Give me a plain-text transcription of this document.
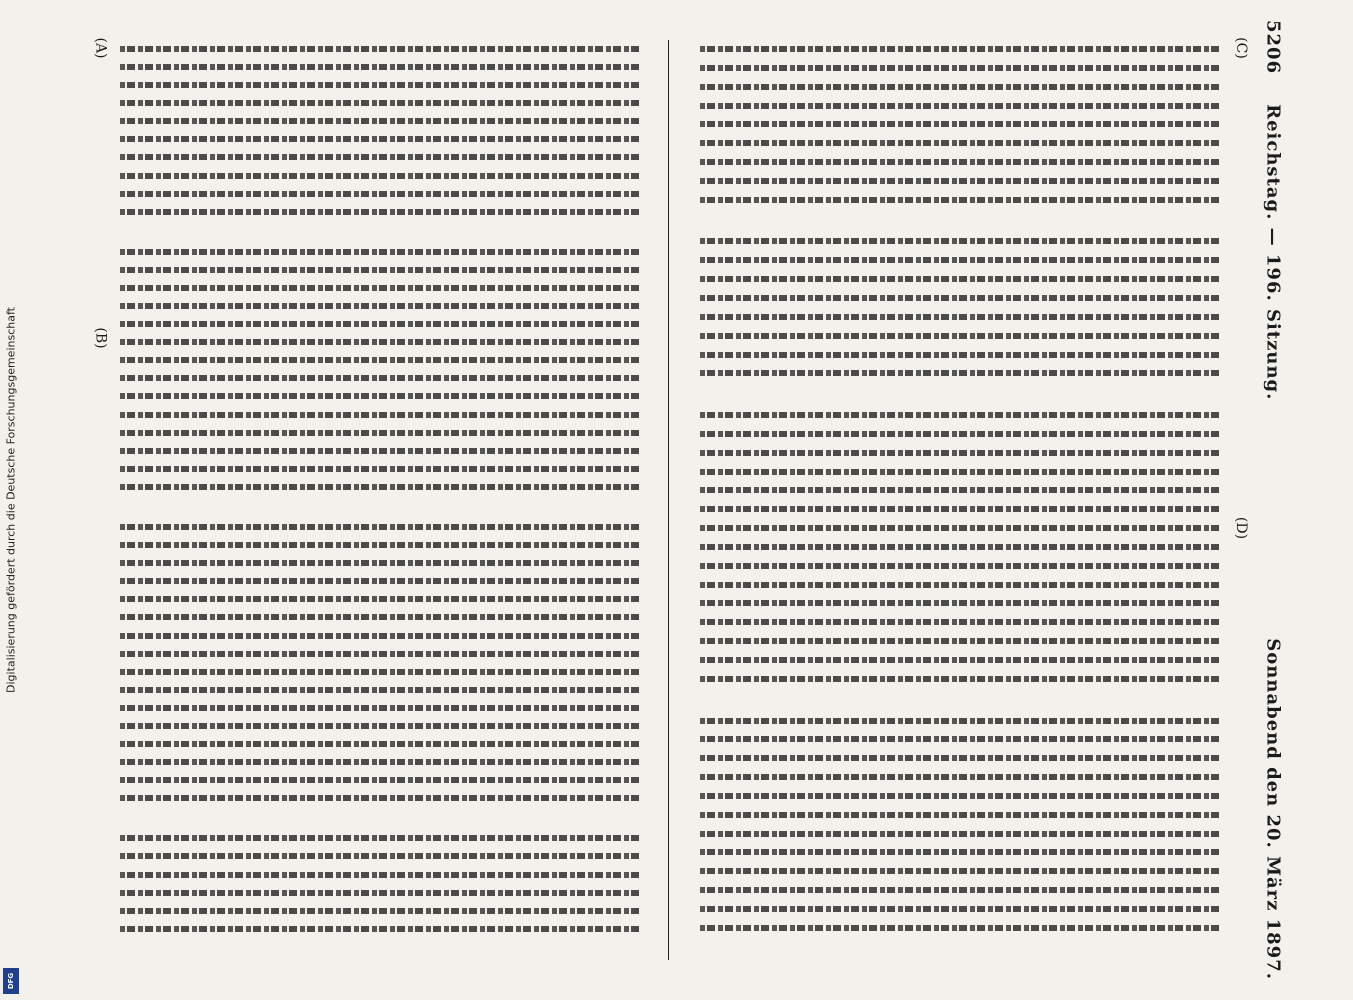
Digitalisierung gefördert durch die Deutsche Forschungsgemeinschaft
DFG
5206
Reichstag. — 196. Sitzung.
Sonnabend den 20. März 1897.
(A)
(B)
(C)
(D)
